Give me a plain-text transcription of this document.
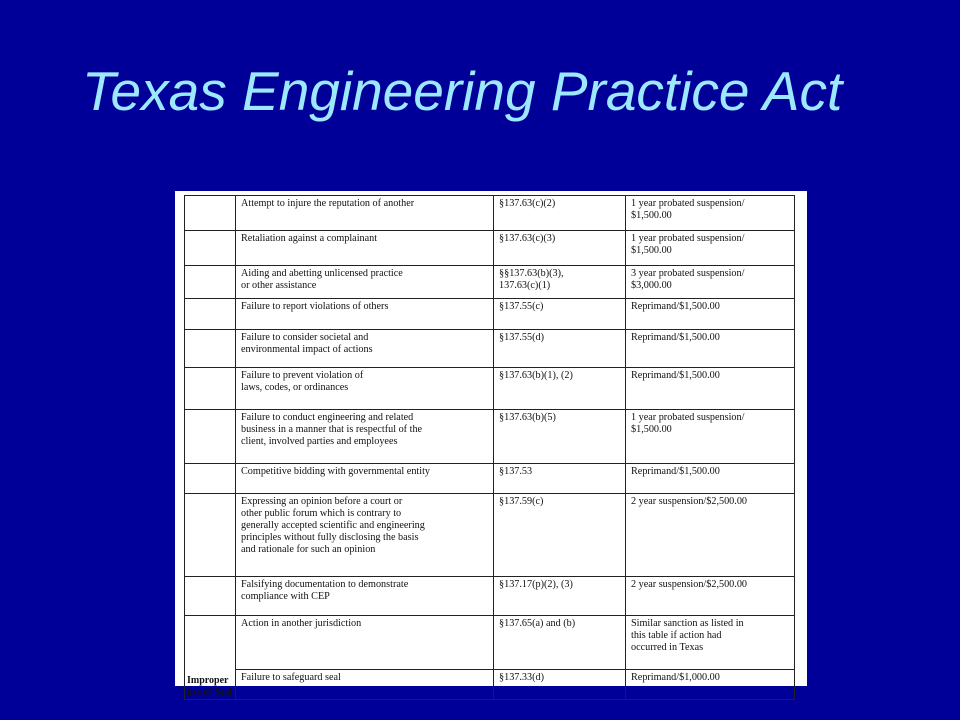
Texas Engineering Practice Act
	Attempt to injure the reputation of another	§137.63(c)(2)	1 year probated suspension/
$1,500.00
	Retaliation against a complainant	§137.63(c)(3)	1 year probated suspension/
$1,500.00
	Aiding and abetting unlicensed practice
or other assistance	§§137.63(b)(3),
137.63(c)(1)	3 year probated suspension/
$3,000.00
	Failure to report violations of others	§137.55(c)	Reprimand/$1,500.00
	Failure to consider societal and
environmental impact of actions	§137.55(d)	Reprimand/$1,500.00
	Failure to prevent violation of
laws, codes, or ordinances	§137.63(b)(1), (2)	Reprimand/$1,500.00
	Failure to conduct engineering and related
business in a manner that is respectful of the
client, involved parties and employees	§137.63(b)(5)	1 year probated suspension/
$1,500.00
	Competitive bidding with governmental entity	§137.53	Reprimand/$1,500.00
	Expressing an opinion before a court or
other public forum which is contrary to
generally accepted scientific and engineering
principles without fully disclosing the basis
and rationale for such an opinion	§137.59(c)	2 year suspension/$2,500.00
	Falsifying documentation to demonstrate
compliance with CEP	§137.17(p)(2), (3)	2 year suspension/$2,500.00

Improper
use of Seal	Action in another jurisdiction	§137.65(a) and (b)	Similar sanction as listed in
this table if action had
occurred in Texas
	Failure to safeguard seal	§137.33(d)	Reprimand/$1,000.00
